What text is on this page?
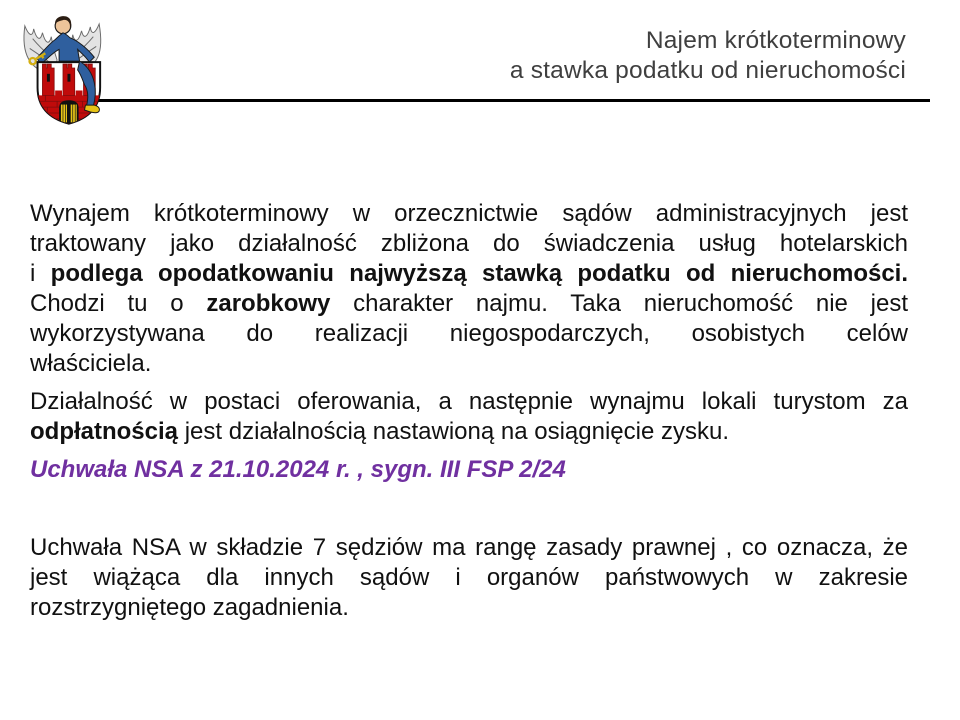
Najem krótkoterminowy
a stawka podatku od nieruchomości
Wynajem krótkoterminowy w orzecznictwie sądów administracyjnych jest
traktowany jako działalność zbliżona do świadczenia usług hotelarskich
i podlega opodatkowaniu najwyższą stawką podatku od nieruchomości.
Chodzi tu o zarobkowy charakter najmu. Taka nieruchomość nie jest
wykorzystywana do realizacji niegospodarczych, osobistych celów
właściciela.
Działalność w postaci oferowania, a następnie wynajmu lokali turystom za
odpłatnością jest działalnością nastawioną na osiągnięcie zysku.
Uchwała NSA z 21.10.2024 r. , sygn. III FSP 2/24
Uchwała NSA w składzie 7 sędziów ma rangę zasady prawnej , co oznacza, że
jest wiążąca dla innych sądów i organów państwowych w zakresie
rozstrzygniętego zagadnienia.
